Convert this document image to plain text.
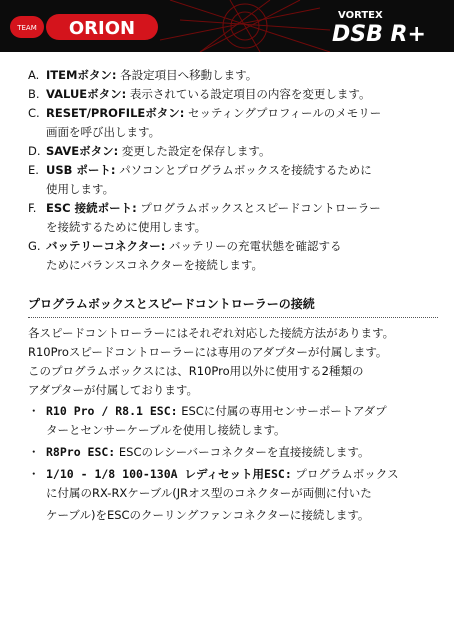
TEAM ORION
VORTEX
DSB R+
A. ITEMボタン: 各設定項目へ移動します。
B. VALUEボタン: 表示されている設定項目の内容を変更します。
C. RESET/PROFILEボタン: セッティングプロフィールのメモリー
画面を呼び出します。
D. SAVEボタン: 変更した設定を保存します。
E. USB ポート: パソコンとプログラムボックスを接続するために
使用します。
F. ESC 接続ポート: プログラムボックスとスピードコントローラー
を接続するために使用します。
G. バッテリーコネクター: バッテリーの充電状態を確認する
ためにバランスコネクターを接続します。
プログラムボックスとスピードコントローラーの接続
各スピードコントローラーにはそれぞれ対応した接続方法があります。
R10Proスピードコントローラーには専用のアダプターが付属します。
このプログラムボックスには、R10Pro用以外に使用する2種類の
アダプターが付属しております。
・ R10 Pro / R8.1 ESC: ESCに付属の専用センサーポートアダプ
ターとセンサーケーブルを使用し接続します。
・ R8Pro ESC: ESCのレシーバーコネクターを直接接続します。

・ 1/10 - 1/8 100-130A レディセット用ESC: プログラムボックス
に付属のRX-RXケーブル(JRオス型のコネクターが両側に付いた
ケーブル)をESCのクーリングファンコネクターに接続します。
